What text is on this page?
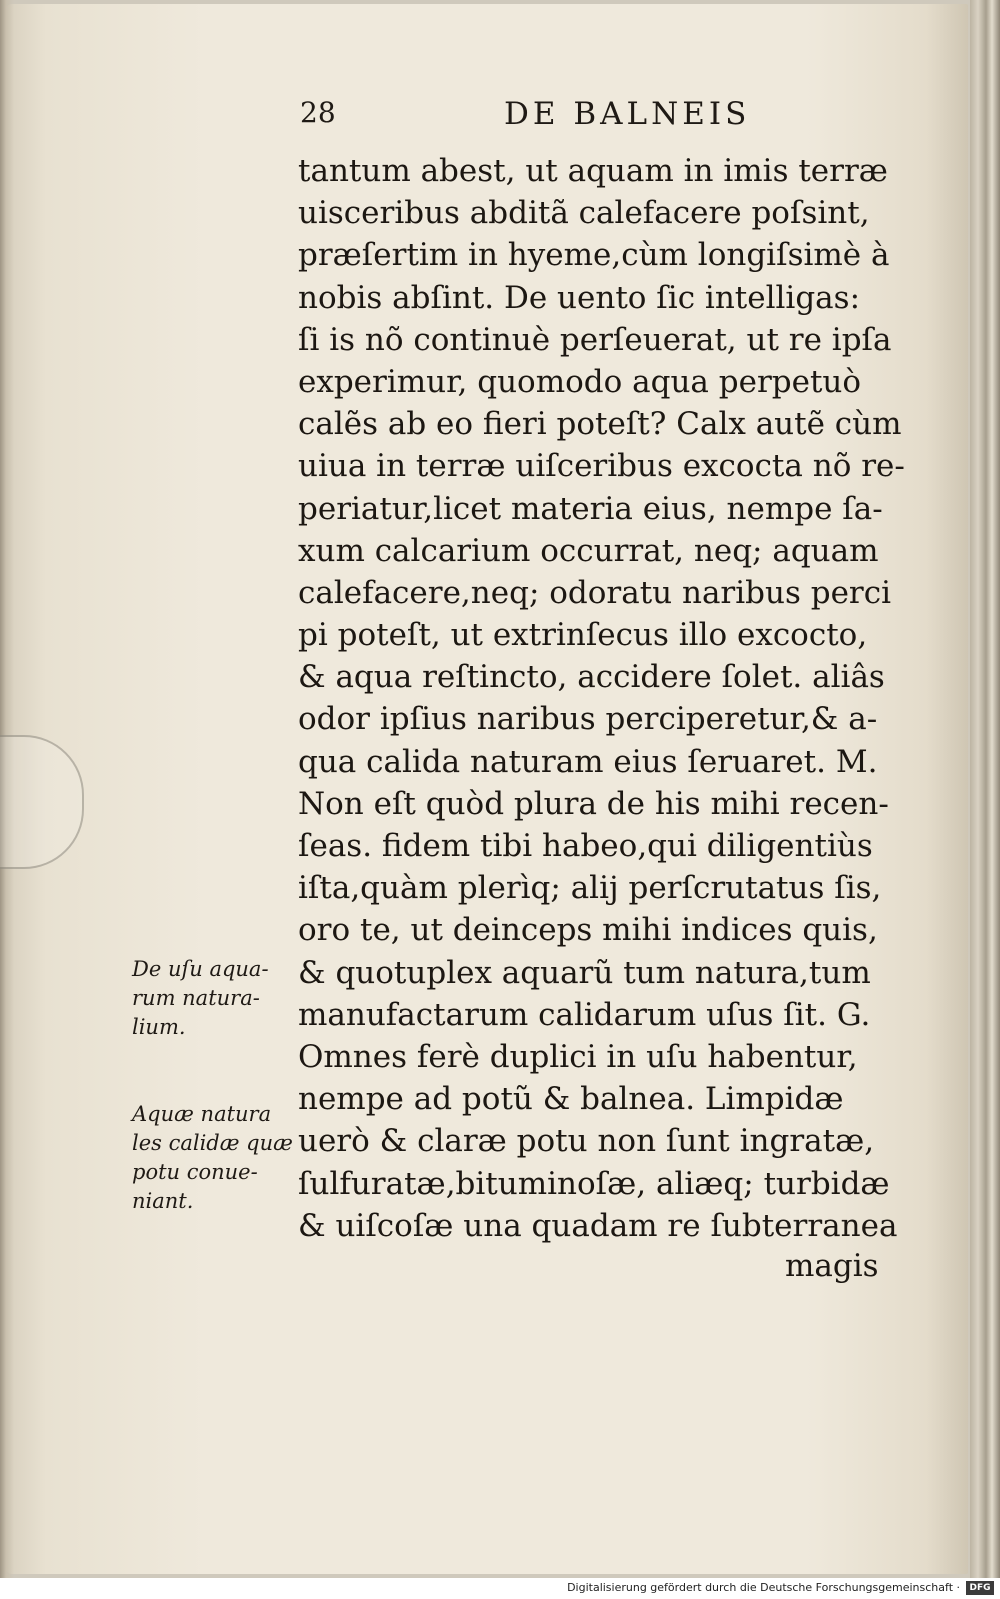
28	DE BALNEIS
tantum abest, ut aquam in imis terræ
uisceribus abditã calefacere poſsint,
præſertim in hyeme,cùm longiſsimè à
nobis abſint. De uento ſic intelligas:
ſi is nõ continuè perſeuerat, ut re ipſa
experimur, quomodo aqua perpetuò
calẽs ab eo fieri poteſt? Calx autẽ cùm
uiua in terræ uiſceribus excocta nõ re-
periatur,licet materia eius, nempe ſa-
xum calcarium occurrat, neq; aquam
calefacere,neq; odoratu naribus perci
pi poteſt, ut extrinſecus illo excocto,
& aqua reſtincto, accidere ſolet. aliâs
odor ipſius naribus perciperetur,& a-
qua calida naturam eius ſeruaret. M.
Non eſt quòd plura de his mihi recen-
ſeas. fidem tibi habeo,qui diligentiùs
iſta,quàm plerìq; alij perſcrutatus ſis,
oro te, ut deinceps mihi indices quis,
& quotuplex aquarũ tum natura,tum
manufactarum calidarum uſus ſit. G.
Omnes ferè duplici in uſu habentur,
nempe ad potũ & balnea. Limpidæ
uerò & claræ potu non ſunt ingratæ,
ſulfuratæ,bituminoſæ, aliæq; turbidæ
& uiſcoſæ una quadam re ſubterranea
magis
De uſu aqua-
rum natura-
lium.
Aquæ natura
les calidæ quæ
potu conue-
niant.
Digitalisierung gefördert durch die Deutsche Forschungsgemeinschaft ·	DFG
